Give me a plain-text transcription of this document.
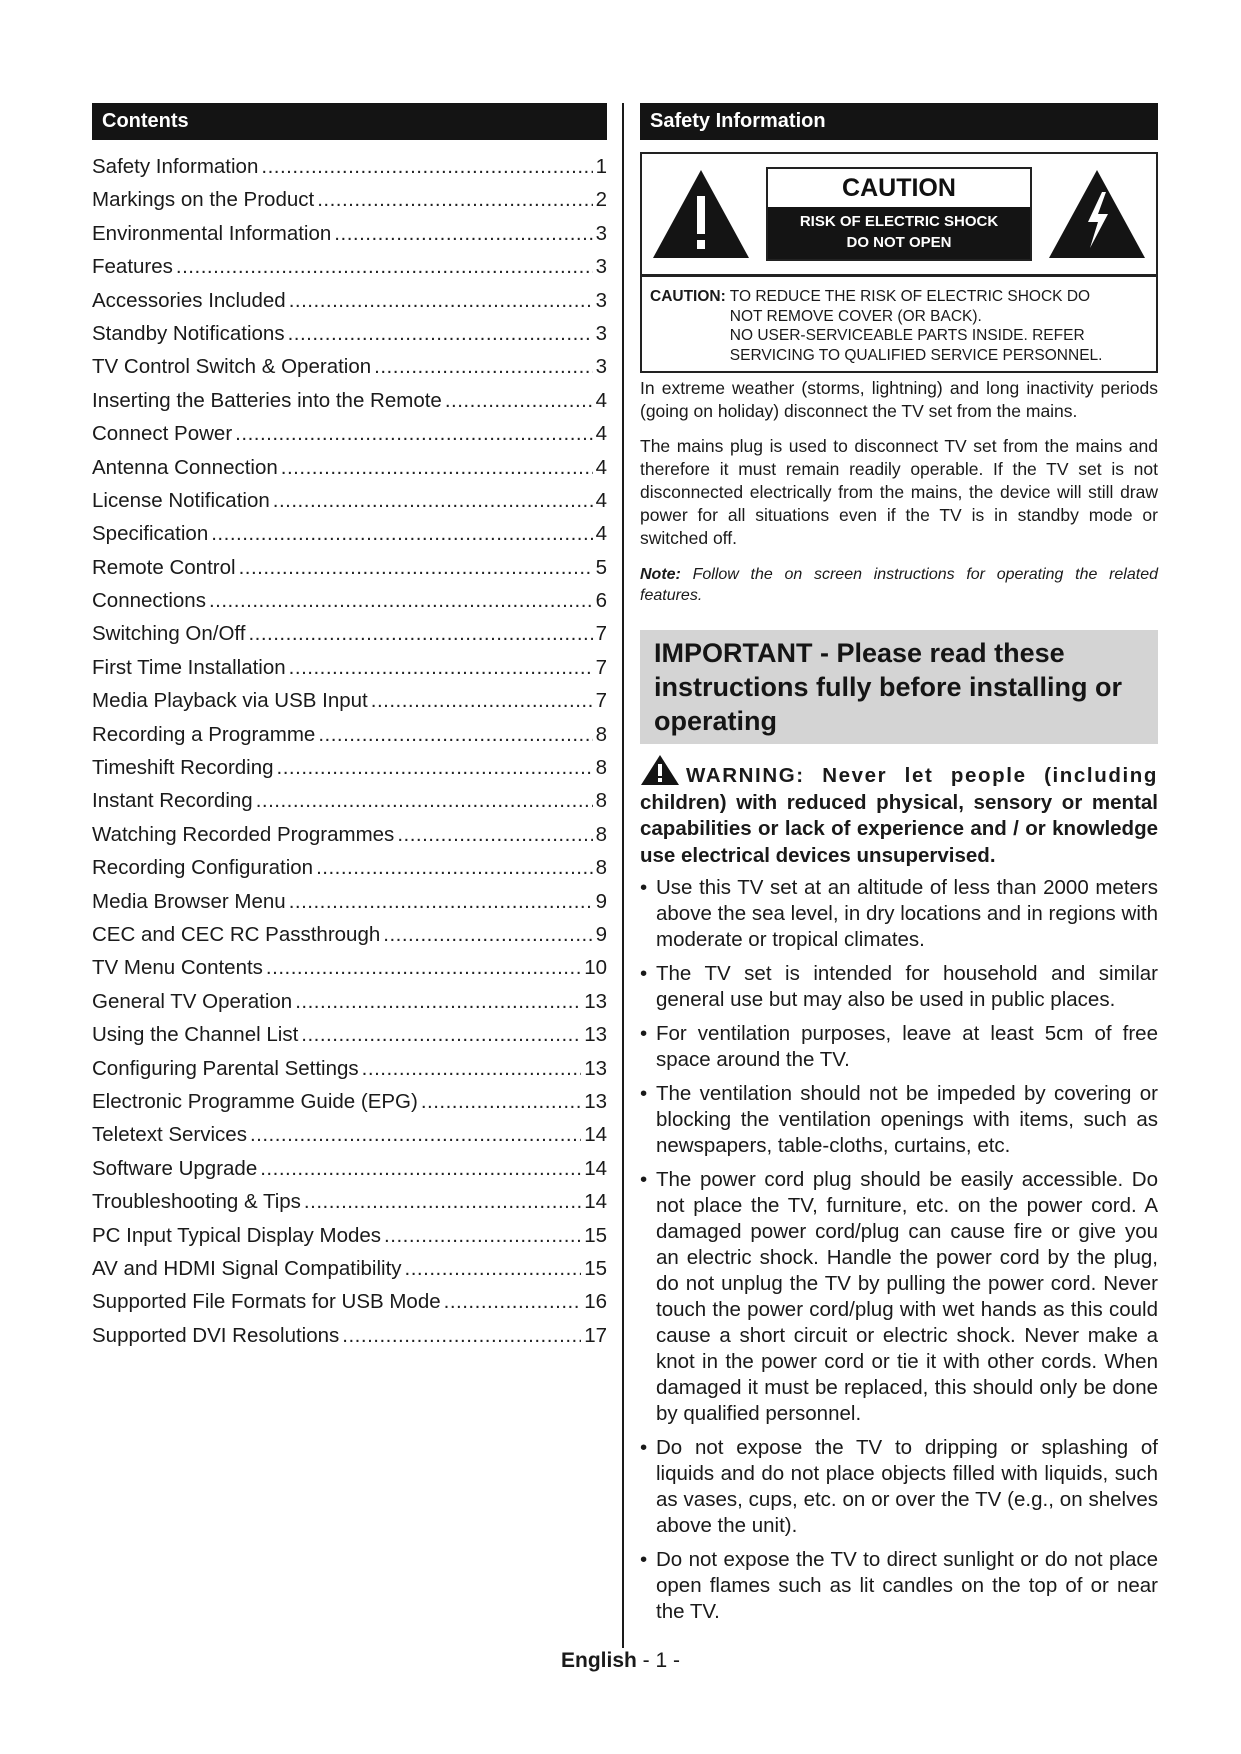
Contents
Safety Information .....	1
Markings on the Product .....	2
Environmental Information .....	3
Features .....	3
Accessories Included .....	3
Standby Notifications .....	3
TV Control Switch & Operation .....	3
Inserting the Batteries into the Remote .....	4
Connect Power .....	4
Antenna Connection .....	4
License Notification .....	4
Specification .....	4
Remote Control .....	5
Connections .....	6
Switching On/Off .....	7
First Time Installation .....	7
Media Playback via USB Input .....	7
Recording a Programme .....	8
Timeshift Recording .....	8
Instant Recording .....	8
Watching Recorded Programmes .....	8
Recording Configuration .....	8
Media Browser Menu .....	9
CEC and CEC RC Passthrough .....	9
TV Menu Contents .....	10
General TV Operation .....	13
Using the Channel List .....	13
Configuring Parental Settings .....	13
Electronic Programme Guide (EPG) .....	13
Teletext Services .....	14
Software Upgrade .....	14
Troubleshooting & Tips .....	14
PC Input Typical Display Modes .....	15
AV and HDMI Signal Compatibility .....	15
Supported File Formats for USB Mode .....	16
Supported DVI Resolutions .....	17
Safety Information
CAUTION
RISK OF ELECTRIC SHOCK
DO NOT OPEN
CAUTION: TO REDUCE THE RISK OF ELECTRIC SHOCK DO
NOT REMOVE COVER (OR BACK).
NO USER-SERVICEABLE PARTS INSIDE. REFER
SERVICING TO QUALIFIED SERVICE PERSONNEL.
In extreme weather (storms, lightning) and long inactivity periods (going on holiday) disconnect the TV set from the mains.
The mains plug is used to disconnect TV set from the mains and therefore it must remain readily operable. If the TV set is not disconnected electrically from the mains, the device will still draw power for all situations even if the TV is in standby mode or switched off.
Note: Follow the on screen instructions for operating the related features.
IMPORTANT - Please read these instructions fully before installing or operating
WARNING: Never let people (including children) with reduced physical, sensory or mental capabilities or lack of experience and / or knowledge use electrical devices unsupervised.
• Use this TV set at an altitude of less than 2000 meters above the sea level, in dry locations and in regions with moderate or tropical climates.
• The TV set is intended for household and similar general use but may also be used in public places.
• For ventilation purposes, leave at least 5cm of free space around the TV.
• The ventilation should not be impeded by covering or blocking the ventilation openings with items, such as newspapers, table-cloths, curtains, etc.
• The power cord plug should be easily accessible. Do not place the TV, furniture, etc. on the power cord. A damaged power cord/plug can cause fire or give you an electric shock. Handle the power cord by the plug, do not unplug the TV by pulling the power cord. Never touch the power cord/plug with wet hands as this could cause a short circuit or electric shock. Never make a knot in the power cord or tie it with other cords. When damaged it must be replaced, this should only be done by qualified personnel.
• Do not expose the TV to dripping or splashing of liquids and do not place objects filled with liquids, such as vases, cups, etc. on or over the TV (e.g., on shelves above the unit).
• Do not expose the TV to direct sunlight or do not place open flames such as lit candles on the top of or near the TV.
English - 1 -
